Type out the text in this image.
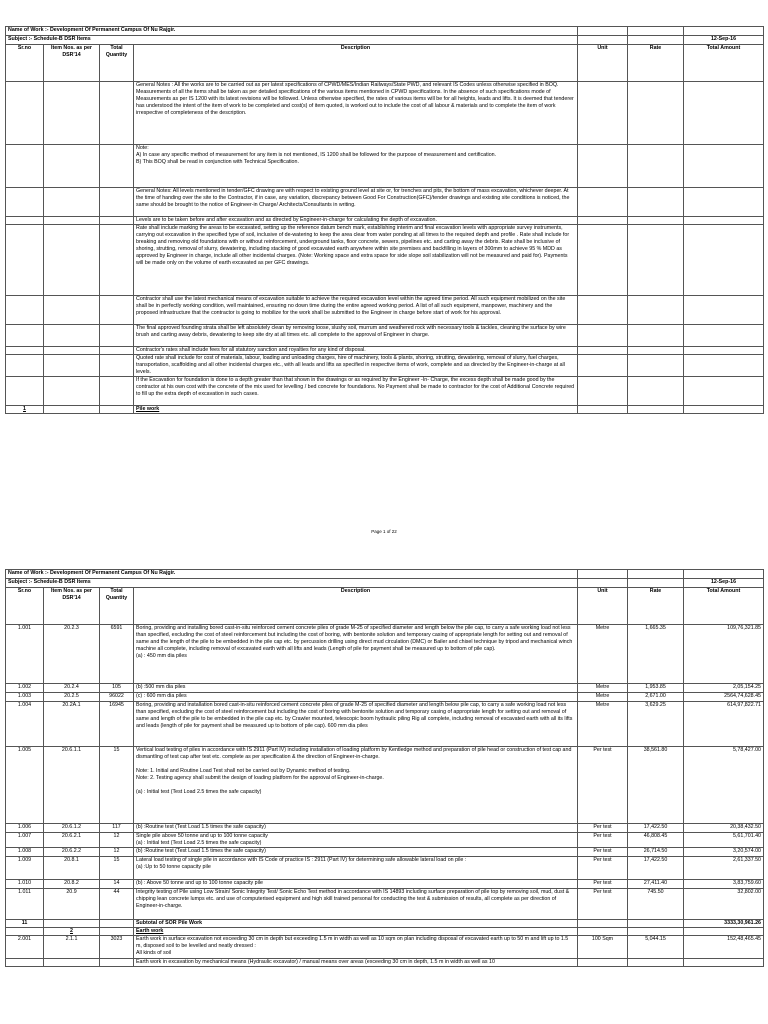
Name of Work :- Development Of Permanent Campus Of Nu Rajgir.						
Subject :- Schedule-B DSR Items						12-Sep-16
Sr.no	Item Nos. as per DSR'14	Total Quantity	Description	Unit	Rate	Total Amount
			General Notes : All the works are to be carried out as per latest specifications of CPWD/MES/Indian Railways/State PWD, and relevant IS Codes unless otherwise specified in BOQ. Measurements of all the items shall be taken as per detailed specifications of the various items mentioned in CPWD specifications. In the absence of such specifications mode of Measurements as per IS 1200 with its latest revisions will be followed. Unless otherwise specified, the rates of various items will be for all heights, leads and lifts. It is deemed that tenderer has understood the intent of the item of work to be completed and cost(s) of item quoted, is worked out to include the cost of all labour & materials and to complete the item of work irrespective of completeness of the description.			
			Note:
A) In case any specific method of measurement for any item is not mentioned, IS 1200 shall be followed for the purpose of measurement and certification.
B) This BOQ shall be read in conjunction with Technical Specification.			
			General Notes: All levels mentioned in tender/GFC drawing are with respect to existing ground level at site or, for trenches and pits, the bottom of mass excavation, whichever deeper. At the time of handing over the site to the Contractor, if in case, any variation, discrepancy between Good For Construction(GFC)/tender drawings and existing site conditions is noticed, the same should be brought to the notice of Engineer-in Charge/ Architects/Consultants in writing.			
			Levels are to be taken before and after excavation and as directed by Engineer-in-charge for calculating the depth of excavation.			
			Rate shall include marking the areas to be excavated, setting up the reference datum bench mark, establishing interim and final excavation levels with appropriate survey instruments, carrying out excavation in the specified type of soil, inclusive of de-watering to keep the area clear from water ponding at all times to the required depth and profile . Rate shall include for breaking and removing old foundations with or without reinforcement, underground tanks, floor concrete, sewers, pipelines etc. and carting away the debris. Rate shall be inclusive of shoring, strutting, removal of slurry, dewatering, including stacking of good excavated earth anywhere within site premises and backfilling in layers of 300mm to achieve 95 % MDD as approved by Engineer in charge, include all other incidental charges. (Note: Working space and extra space for side slope soil stabilization will not be measured and paid for). Payments will be made only on the volume of earth excavated as per GFC drawings.			
			Contractor shall use the latest mechanical means of excavation suitable to achieve the required excavation level within the agreed time period. All such equipment mobilized on the site shall be in perfectly working condition, well maintained, ensuring no down time during the entire agreed working period. A list of all such equipment, manpower, machinery and the proposed infrastructure that the contractor is going to mobilize for the work shall be submitted to the Engineer in charge before start of work for his approval.			
			The final approved founding strata shall be left absolutely clean by removing loose, slushy soil, murrum and weathered rock with necessary tools & tackles, cleaning the surface by wire brush and carting away debris, dewatering to keep site dry at all times etc. all complete to the approval of Engineer in charge.			
			Contractor's rates shall include fees for all statutory sanction and royalties for any kind of disposal.			
			Quoted rate shall include for cost of materials, labour, loading and unloading charges, hire of machinery, tools & plants, shoring, strutting, dewatering, removal of slurry, fuel charges, transportation, scaffolding and all other incidental charges etc., with all leads and lifts as specified in respective items of work, complete and as directed by the Engineer-in-charge at all levels.			
			If the Excavation for foundation is done to a depth greater than that shown in the drawings or as required by the Engineer -In- Charge, the excess depth shall be made good by the contractor at his own cost with the concrete of the mix used for levelling / bed concrete for foundations. No Payment shall be made to contractor for the cost of Additional Concrete required to fill up the extra depth of excavation in such cases.			
1			Pile work			
Page 1 of 22
Name of Work :- Development Of Permanent Campus Of Nu Rajgir.						
Subject :- Schedule-B DSR Items						12-Sep-16
Sr.no	Item Nos. as per DSR'14	Total Quantity	Description	Unit	Rate	Total Amount
1.001	20.2.3	6591	Boring, providing and installing bored cast-in-situ reinforced cement concrete piles of grade M-25 of specified diameter and length below the pile cap, to carry a safe working load not less than specified, excluding the cost of steel reinforcement but including the cost of boring, with bentonite solution and temporary casing of appropriate length for setting out and removal of same and the length of the pile to be embedded in the pile cap etc. by percussion drilling using direct mud circulation (DMC) or Bailer and chisel technique by tripod and mechanical winch machine all complete, including removal of excavated earth with all lifts and leads (Length of pile for payment shall be measured up to bottom of pile cap).
(a) : 450 mm dia piles	Metre	1,665.35	109,76,321.85
1.002	20.2.4	105	(b) :500 mm dia piles	Metre	1,953.85	2,05,154.25
1.003	20.2.5	96022	(c) : 600 mm dia piles	Metre	2,671.00	2564,74,628.45
1.004	20.2A.1	16945	Boring, providing and installation bored cast-in-situ reinforced cement concrete piles of grade M-25 of specified diameter and length below pile cap, to carry a safe working load not less than specified, excluding the cost of steel reinforcement but including the cost of boring with bentonite solution and temporary casing of appropriate length for setting out and removal of same and length of the pile to be embedded in the pile cap etc. by Crawler mounted, telescopic boom hydraulic piling Rig all complete, including removal of excavated earth with all its lifts and leads (length of pile for payment shall be measured up to bottom of pile cap). 600 mm dia piles	Metre	3,629.25	614,97,822.71
1.005	20.6.1.1	15	Vertical load testing of piles in accordance with IS 2911 (Part IV) including installation of loading platform by Kentledge method and preparation of pile head or construction of test cap and dismantling of test cap after test etc. complete as per specification & the direction of Engineer-in-charge.

Note: 1. Initial and Routine Load Test shall not be carried out by Dynamic method of testing.
Note: 2. Testing agency shall submit the design of loading platform for the approval of Engineer-in-charge.

(a) : Initial test (Test Load 2.5 times the safe capacity)	Per test	38,561.80	5,78,427.00
1.006	20.6.1.2	117	(b) :Routine test (Test Load 1.5 times the safe capacity)	Per test	17,422.50	20,38,432.50
1.007	20.6.2.1	12	Single pile above 50 tonne and up to 100 tonne capacity
(a) : Initial test (Test Load 2.5 times the safe capacity)	Per test	46,808.45	5,61,701.40
1.008	20.6.2.2	12	(b) :Routine test (Test Load 1.5 times the safe capacity)	Per test	26,714.50	3,20,574.00
1.009	20.8.1	15	Lateral load testing of single pile in accordance with IS Code of practice IS : 2911 (Part IV) for determining safe allowable lateral load on pile :
(a) :Up to 50 tonne capacity pile	Per test	17,422.50	2,61,337.50
1.010	20.8.2	14	(b) : Above 50 tonne and up to 100 tonne capacity pile	Per test	27,411.40	3,83,759.60
1.011	20.9	44	Integrity testing of Pile using Low Strain/ Sonic Integrity Test/ Sonic Echo Test method in accordance with IS 14893 including surface preparation of pile top by removing soil, mud, dust & chipping lean concrete lumps etc. and use of computerised equipment and high skill trained personal for conducting the test & submission of results, all complete as per direction of Engineer-in-charge.	Per test	745.50	32,802.00
11			Subtotal of SOR Pile Work			3333,30,961.26
	2		Earth work			
2.001	2.1.1	3023	Earth work in surface excavation not exceeding 30 cm in depth but exceeding 1.5 m in width as well as 10 sqm on plan including disposal of excavated earth up to 50 m and lift up to 1.5 m, disposed soil to be levelled and neatly dressed :
All kinds of soil	100 Sqm	5,044.15	152,48,465.45
			Earth work in excavation by mechanical means (Hydraulic excavator) / manual means over areas (exceeding 30 cm in depth, 1.5 m in width as well as 10			
